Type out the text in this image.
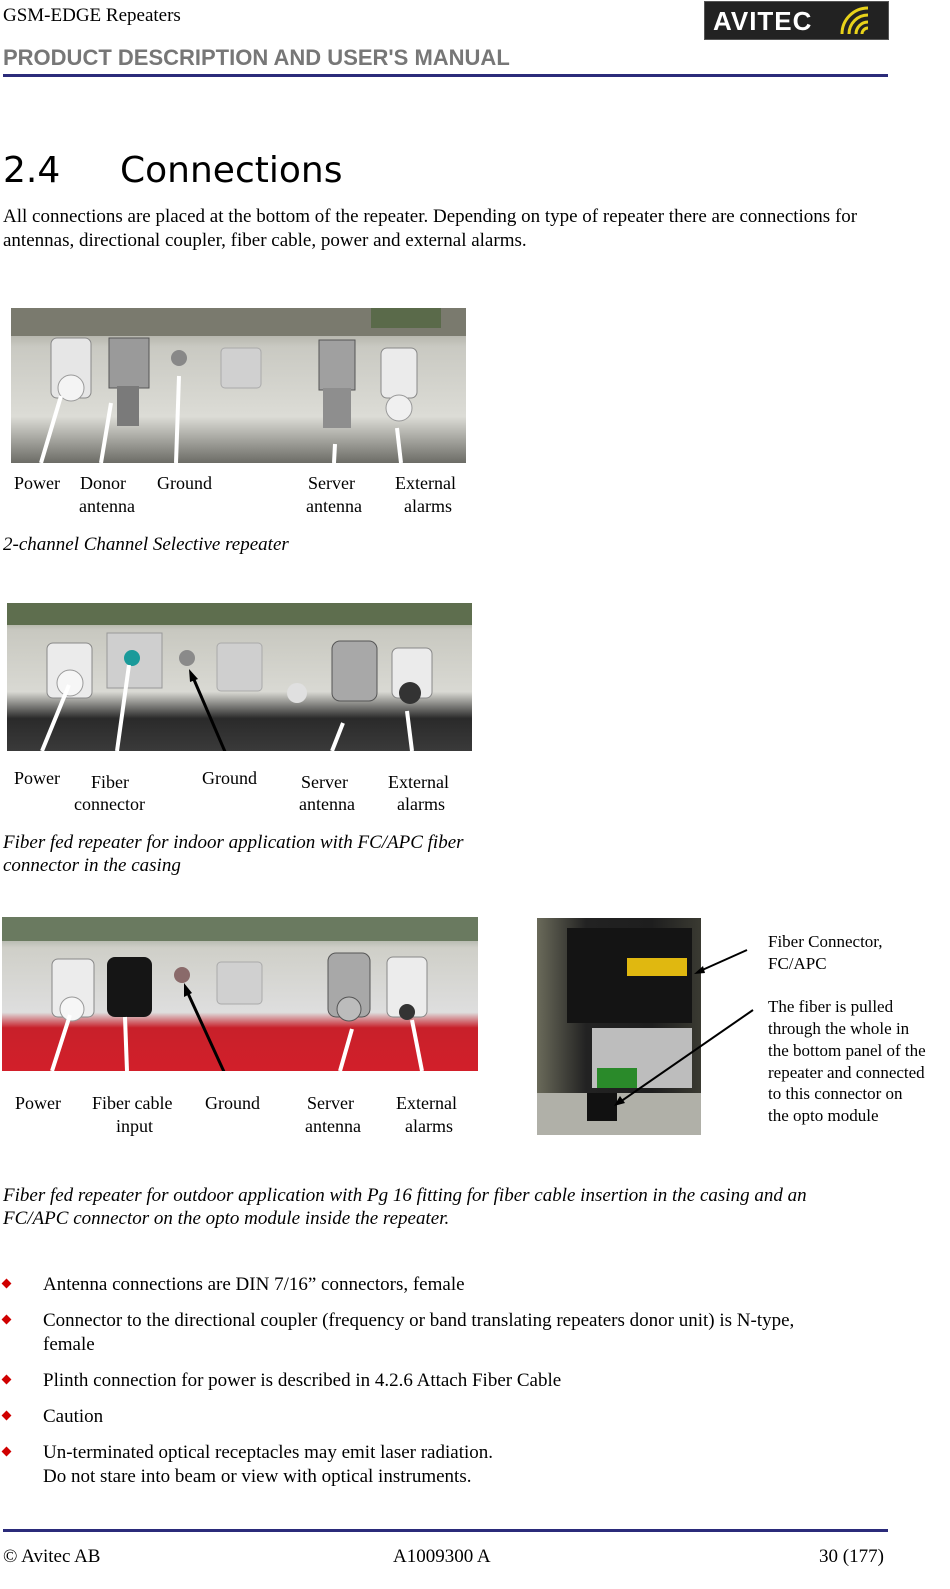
GSM-EDGE Repeaters
PRODUCT DESCRIPTION AND USER'S MANUAL
AVITEC
2.4 Connections
All connections are placed at the bottom of the repeater. Depending on type of repeater there are connections for antennas, directional coupler, fiber cable, power and external alarms.
Power Donor
antenna
Ground	Server
antenna
External
alarms
2-channel Channel Selective repeater
Power Fiber
connector
Ground Server
antenna
External
alarms
Fiber fed repeater for indoor application with FC/APC fiber
connector in the casing
Fiber Connector,
FC/APC
The fiber is pulled
through the whole in
the bottom panel of the
repeater and connected
to this connector on
the opto module
Power Fiber cable
input
Ground	Server
antenna
External
alarms
Fiber fed repeater for outdoor application with Pg 16 fitting for fiber cable insertion in the casing and an
FC/APC connector on the opto module inside the repeater.
Antenna connections are DIN 7/16” connectors, female
Connector to the directional coupler (frequency or band translating repeaters donor unit) is N-type,
female
Plinth connection for power is described in 4.2.6 Attach Fiber Cable
Caution
Un-terminated optical receptacles may emit laser radiation.
Do not stare into beam or view with optical instruments.
© Avitec AB	A1009300 A	30 (177)
